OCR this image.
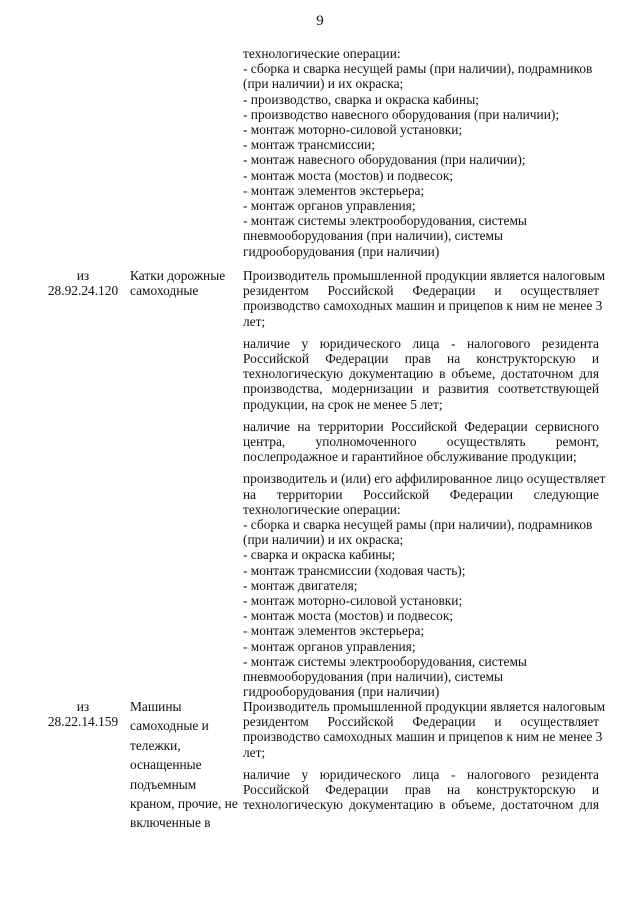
9
технологические операции:
- сборка и сварка несущей рамы (при наличии), подрамников
(при наличии) и их окраска;
- производство, сварка и окраска кабины;
- производство навесного оборудования (при наличии);
- монтаж моторно-силовой установки;
- монтаж трансмиссии;
- монтаж навесного оборудования (при наличии);
- монтаж моста (мостов) и подвесок;
- монтаж элементов экстерьера;
- монтаж органов управления;
- монтаж системы электрооборудования, системы
пневмооборудования (при наличии), системы
гидрооборудования (при наличии)
из
28.92.24.120
Катки дорожные
самоходные
Производитель промышленной продукции является налоговым
резидентом Российской Федерации и осуществляет
производство самоходных машин и прицепов к ним не менее 3
лет;
наличие у юридического лица - налогового резидента
Российской Федерации прав на конструкторскую и
технологическую документацию в объеме, достаточном для
производства, модернизации и развития соответствующей
продукции, на срок не менее 5 лет;
наличие на территории Российской Федерации сервисного
центра, уполномоченного осуществлять ремонт,
послепродажное и гарантийное обслуживание продукции;
производитель и (или) его аффилированное лицо осуществляет
на территории Российской Федерации следующие
технологические операции:
- сборка и сварка несущей рамы (при наличии), подрамников
(при наличии) и их окраска;
- сварка и окраска кабины;
- монтаж трансмиссии (ходовая часть);
- монтаж двигателя;
- монтаж моторно-силовой установки;
- монтаж моста (мостов) и подвесок;
- монтаж элементов экстерьера;
- монтаж органов управления;
- монтаж системы электрооборудования, системы
пневмооборудования (при наличии), системы
гидрооборудования (при наличии)
из
28.22.14.159
Машины
самоходные и
тележки,
оснащенные
подъемным
краном, прочие, не
включенные в
Производитель промышленной продукции является налоговым
резидентом Российской Федерации и осуществляет
производство самоходных машин и прицепов к ним не менее 3
лет;
наличие у юридического лица - налогового резидента
Российской Федерации прав на конструкторскую и
технологическую документацию в объеме, достаточном для
